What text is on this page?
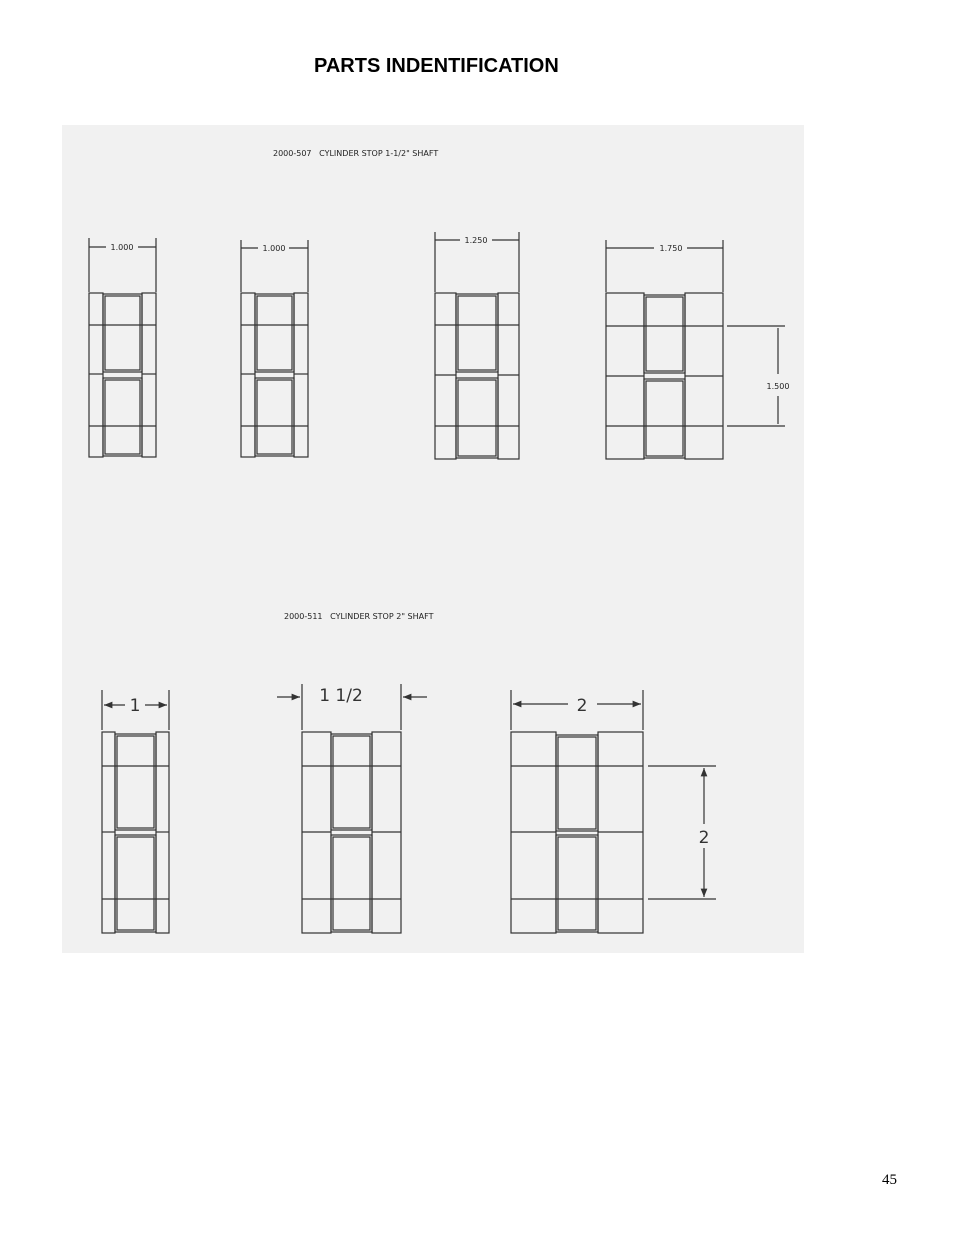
PARTS INDENTIFICATION
2000-507   CYLINDER STOP 1-1/2" SHAFT
2000-511   CYLINDER STOP 2" SHAFT
1.000	1.000
1.250
1.750
1.500
1	1 1/2	2
2
45
